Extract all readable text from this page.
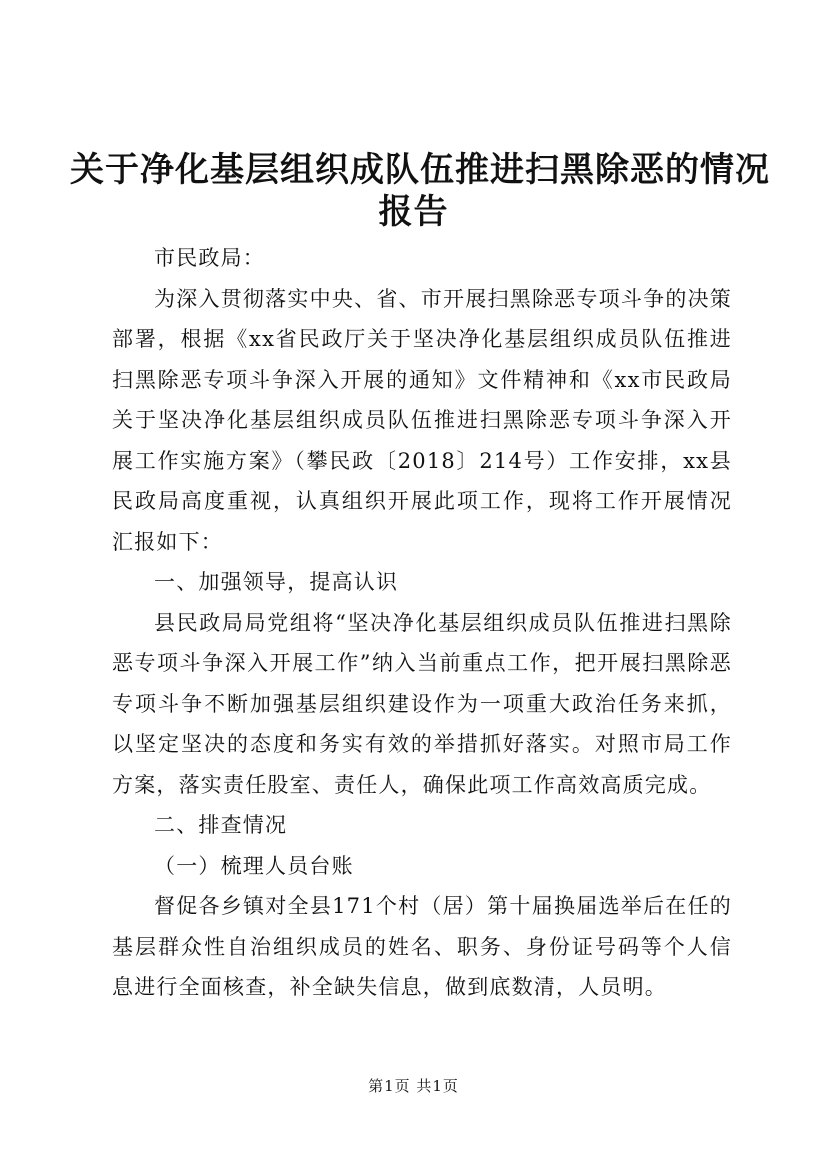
关于净化基层组织成队伍推进扫黑除恶的情况
报告

市民政局：

为深入贯彻落实中央、省、市开展扫黑除恶专项斗争的决策部署，根据《xx省民政厅关于坚决净化基层组织成员队伍推进扫黑除恶专项斗争深入开展的通知》文件精神和《xx市民政局关于坚决净化基层组织成员队伍推进扫黑除恶专项斗争深入开展工作实施方案》（攀民政〔2018〕214号）工作安排，xx县民政局高度重视，认真组织开展此项工作，现将工作开展情况汇报如下：

一、加强领导，提高认识

县民政局局党组将“坚决净化基层组织成员队伍推进扫黑除恶专项斗争深入开展工作”纳入当前重点工作，把开展扫黑除恶专项斗争不断加强基层组织建设作为一项重大政治任务来抓，以坚定坚决的态度和务实有效的举措抓好落实。对照市局工作方案，落实责任股室、责任人，确保此项工作高效高质完成。

二、排查情况

（一）梳理人员台账

督促各乡镇对全县171个村（居）第十届换届选举后在任的基层群众性自治组织成员的姓名、职务、身份证号码等个人信息进行全面核查，补全缺失信息，做到底数清，人员明。

第1页 共1页
